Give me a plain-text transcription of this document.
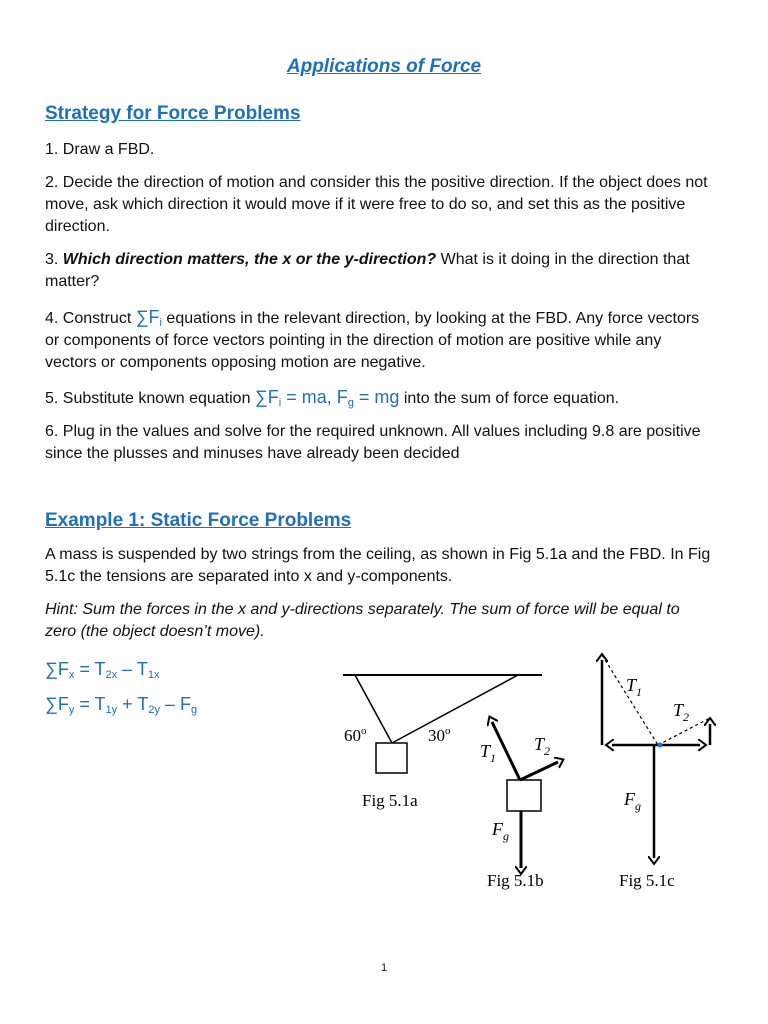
Applications of Force
Strategy for Force Problems

1. Draw a FBD.

2. Decide the direction of motion and consider this the positive direction. If the object does not move, ask which direction it would move if it were free to do so, and set this as the positive direction.

3. Which direction matters, the x or the y-direction? What is it doing in the direction that matter?

4. Construct $\sum F_i$ equations in the relevant direction, by looking at the FBD. Any force vectors or components of force vectors pointing in the direction of motion are positive while any vectors or components opposing motion are negative.

5. Substitute known equation $\sum F_i$ = ma, $F_g$ = mg into the sum of force equation.

6. Plug in the values and solve for the required unknown. All values including 9.8 are positive since the plusses and minuses have already been decided

Example 1: Static Force Problems

A mass is suspended by two strings from the ceiling, as shown in Fig 5.1a and the FBD. In Fig 5.1c the tensions are separated into x and y-components.

Hint: Sum the forces in the x and y-directions separately. The sum of force will be equal to zero (the object doesn’t move).

$\sum F_x = T_{2x} - T_{1x}$
$\sum F_y = T_{1y} + T_{2y} - F_g$
60$^o$	30$^o$
Fig 5.1a
$T_1$
$T_2$
$F_g$
Fig 5.1b
$T_1$
$T_2$
$F_g$
Fig 5.1c
1
